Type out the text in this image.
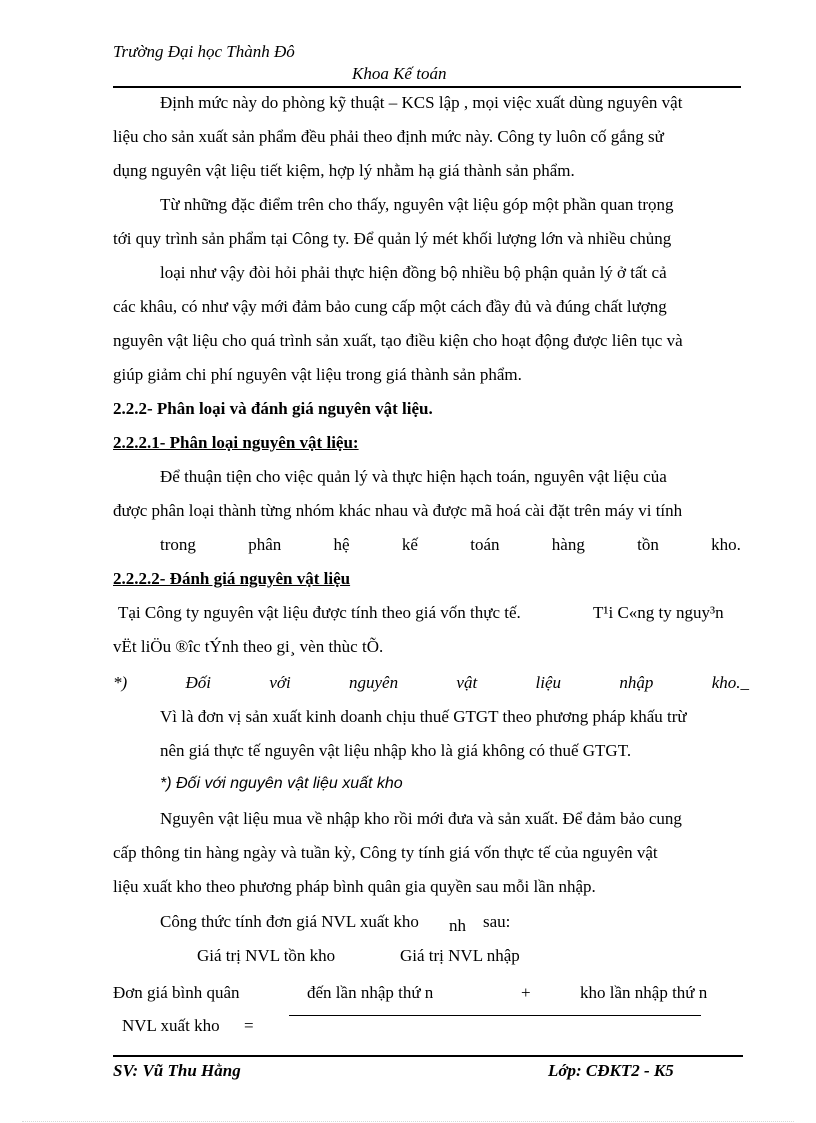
Trường Đại học Thành Đô
Khoa Kế toán
Định mức này do phòng kỹ thuật – KCS lập , mọi việc xuất dùng nguyên vật
liệu cho sản xuất sản phẩm đều phải theo định mức này. Công ty luôn cố gắng sử
dụng nguyên vật liệu tiết kiệm, hợp lý nhằm hạ giá thành sản phẩm.
Từ những đặc điểm trên cho thấy, nguyên vật liệu góp một phần quan trọng
tới quy trình sản phẩm tại Công ty. Để quản lý mét khối lượng lớn và nhiều chủng
loại như vậy đòi hỏi phải thực hiện đồng bộ nhiều bộ phận quản lý ở tất cả
các khâu, có như vậy mới đảm bảo cung cấp một cách đầy đủ và đúng chất lượng
nguyên vật liệu cho quá trình sản xuất, tạo điều kiện cho hoạt động được liên tục và
giúp giảm chi phí nguyên vật liệu trong giá thành sản phẩm.
2.2.2- Phân loại và đánh giá nguyên vật liệu.
2.2.2.1- Phân loại nguyên vật liệu:
Để thuận tiện cho việc quản lý và thực hiện hạch toán, nguyên vật liệu của
được phân loại thành từng nhóm khác nhau và được mã hoá cài đặt trên máy vi tính
trong	phân	hệ	kế	toán	hàng	tồn	kho.
2.2.2.2- Đánh giá nguyên vật liệu
Tại Công ty nguyên vật liệu được tính theo giá vốn thực tế.	T¹i C«ng ty nguy³n
vËt liÖu ®îc tÝnh theo gi¸ vèn thùc tÕ.
*)	Đối	với	nguyên	vật	liệu	nhập	kho._
Vì là đơn vị sản xuất kinh doanh chịu thuế GTGT theo phương pháp khấu trừ
nên giá thực tế nguyên vật liệu nhập kho là giá không có thuế GTGT.
*) Đối với nguyên vật liệu xuất kho
Nguyên vật liệu mua về nhập kho rồi mới đưa và sản xuất. Để đảm bảo cung
cấp thông tin hàng ngày và tuần kỳ, Công ty tính giá vốn thực tế của nguyên vật
liệu xuất kho theo phương pháp bình quân gia quyền sau mỗi lần nhập.
Công thức tính đơn giá NVL xuất kho nh sau:
Giá trị NVL tồn kho	Giá trị NVL nhập
Đơn giá bình quân	đến lần nhập thứ n	+	kho lần nhập thứ n
NVL xuất kho =
SV: Vũ Thu Hằng	Lớp: CĐKT2 - K5
